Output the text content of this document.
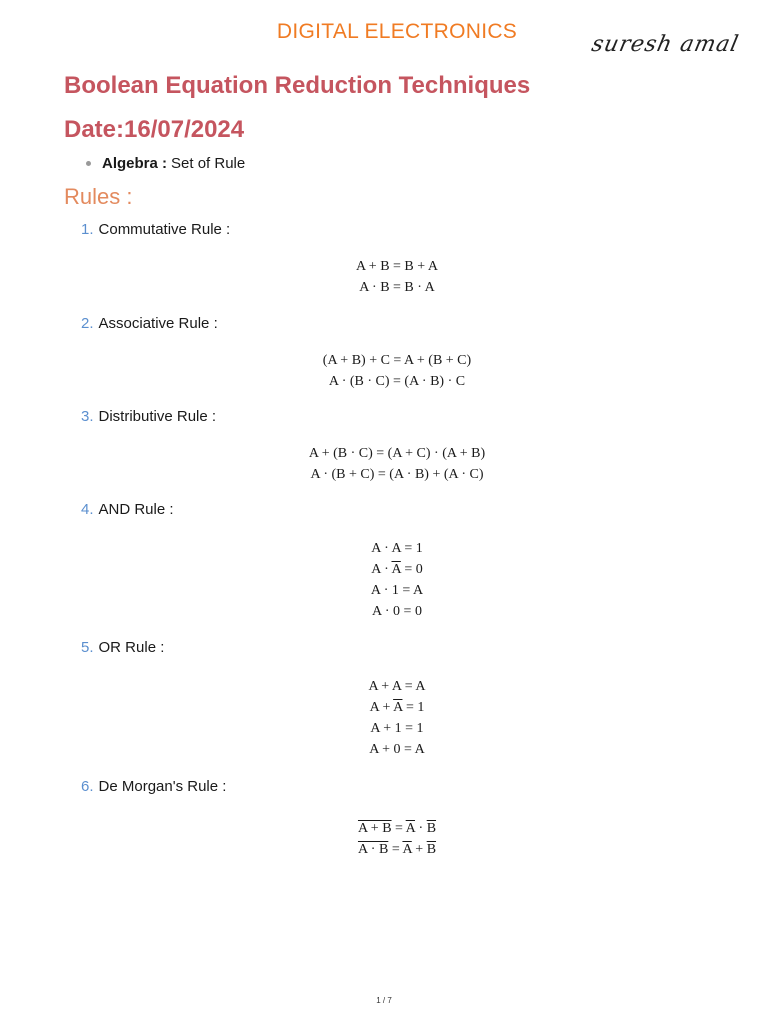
DIGITAL ELECTRONICS
suresh amal
Boolean Equation Reduction Techniques
Date:16/07/2024
Algebra : Set of Rule
Rules :
1. Commutative Rule :
A + B = B + A
A · B = B · A
2. Associative Rule :
(A + B) + C = A + (B + C)
A · (B · C) = (A · B) · C
3. Distributive Rule :
A + (B · C) = (A + C) · (A + B)
A · (B + C) = (A · B) + (A · C)
4. AND Rule :
A · A = 1
$A \cdot \overline{A} = 0$
A · 1 = A
A · 0 = 0
5. OR Rule :
A + A = A
$A + \overline{A} = 1$
A + 1 = 1
A + 0 = A
6. De Morgan's Rule :
$A + B = \overline{A} \cdot \overline{B}$
$A \cdot B = \overline{A} + \overline{B}$
1 / 7
